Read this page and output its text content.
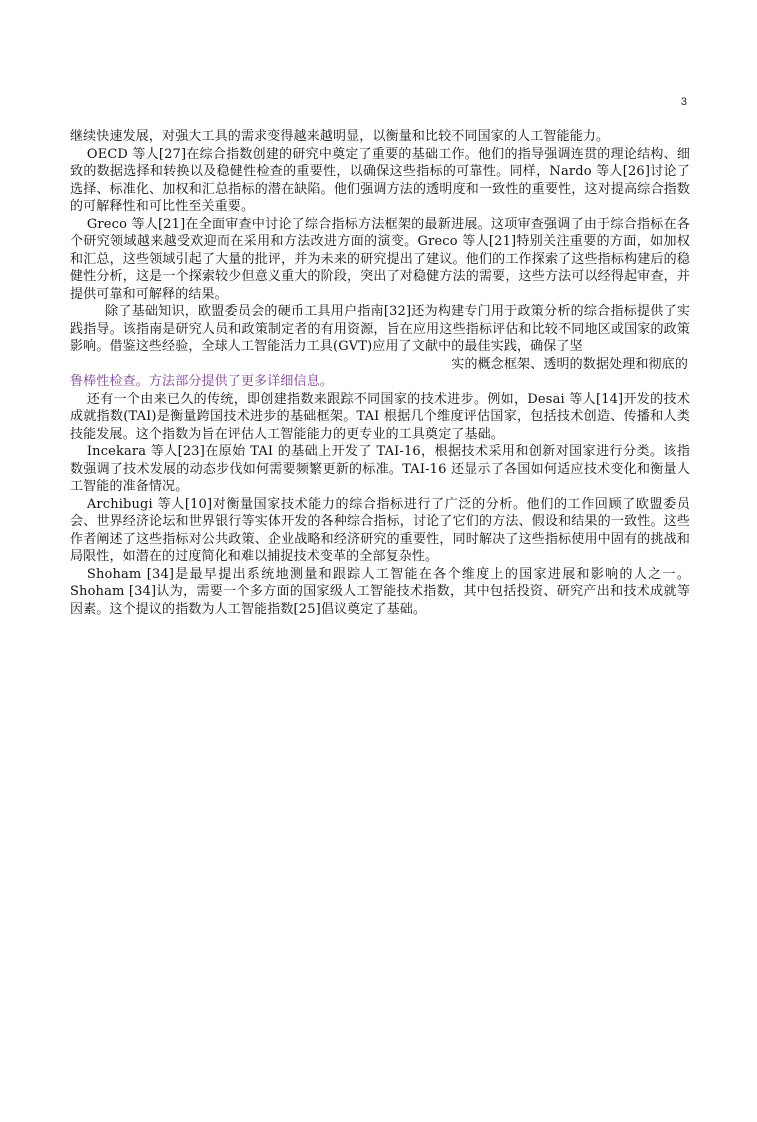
3

继续快速发展，对强大工具的需求变得越来越明显，以衡量和比较不同国家的人工智能能力。

OECD 等人[27]在综合指数创建的研究中奠定了重要的基础工作。他们的指导强调连贯的理论结构、细致的数据选择和转换以及稳健性检查的重要性，以确保这些指标的可靠性。同样，Nardo 等人[26]讨论了选择、标准化、加权和汇总指标的潜在缺陷。他们强调方法的透明度和一致性的重要性，这对提高综合指数的可解释性和可比性至关重要。

Greco 等人[21]在全面审查中讨论了综合指标方法框架的最新进展。这项审查强调了由于综合指标在各个研究领域越来越受欢迎而在采用和方法改进方面的演变。Greco 等人[21]特别关注重要的方面，如加权和汇总，这些领域引起了大量的批评，并为未来的研究提出了建议。他们的工作探索了这些指标构建后的稳健性分析，这是一个探索较少但意义重大的阶段，突出了对稳健方法的需要，这些方法可以经得起审查，并提供可靠和可解释的结果。

除了基础知识，欧盟委员会的硬币工具用户指南[32]还为构建专门用于政策分析的综合指标提供了实践指导。该指南是研究人员和政策制定者的有用资源，旨在应用这些指标评估和比较不同地区或国家的政策影响。借鉴这些经验，全球人工智能活力工具(GVT)应用了文献中的最佳实践，确保了坚

实的概念框架、透明的数据处理和彻底的

鲁棒性检查。方法部分提供了更多详细信息。

还有一个由来已久的传统，即创建指数来跟踪不同国家的技术进步。例如，Desai 等人[14]开发的技术成就指数(TAI)是衡量跨国技术进步的基础框架。TAI 根据几个维度评估国家，包括技术创造、传播和人类技能发展。这个指数为旨在评估人工智能能力的更专业的工具奠定了基础。

Incekara 等人[23]在原始 TAI 的基础上开发了 TAI-16，根据技术采用和创新对国家进行分类。该指数强调了技术发展的动态步伐如何需要频繁更新的标准。TAI-16 还显示了各国如何适应技术变化和衡量人工智能的准备情况。

Archibugi 等人[10]对衡量国家技术能力的综合指标进行了广泛的分析。他们的工作回顾了欧盟委员会、世界经济论坛和世界银行等实体开发的各种综合指标，讨论了它们的方法、假设和结果的一致性。这些作者阐述了这些指标对公共政策、企业战略和经济研究的重要性，同时解决了这些指标使用中固有的挑战和局限性，如潜在的过度简化和难以捕捉技术变革的全部复杂性。

Shoham [34]是最早提出系统地测量和跟踪人工智能在各个维度上的国家进展和影响的人之一。Shoham [34]认为，需要一个多方面的国家级人工智能技术指数，其中包括投资、研究产出和技术成就等因素。这个提议的指数为人工智能指数[25]倡议奠定了基础。
